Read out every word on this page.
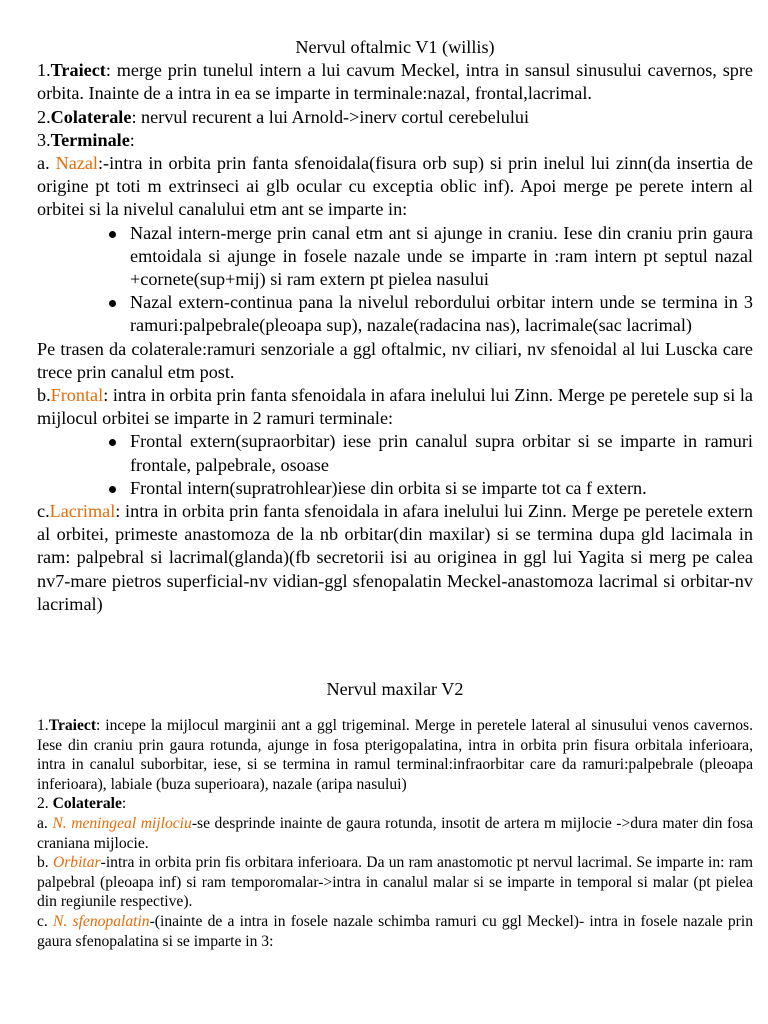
Nervul oftalmic V1 (willis)

1.Traiect: merge prin tunelul intern a lui cavum Meckel, intra in sansul sinusului cavernos, spre orbita. Inainte de a intra in ea se imparte in terminale:nazal, frontal,lacrimal.

2.Colaterale: nervul recurent a lui Arnold->inerv cortul cerebelului

3.Terminale:

a. Nazal:-intra in orbita prin fanta sfenoidala(fisura orb sup) si prin inelul lui zinn(da insertia de origine pt toti m extrinseci ai glb ocular cu exceptia oblic inf). Apoi merge pe perete intern al orbitei si la nivelul canalului etm ant se imparte in:

Nazal intern-merge prin canal etm ant si ajunge in craniu. Iese din craniu prin gaura emtoidala si ajunge in fosele nazale unde se imparte in :ram intern pt septul nazal +cornete(sup+mij) si ram extern pt pielea nasului
Nazal extern-continua pana la nivelul rebordului orbitar intern unde se termina in 3 ramuri:palpebrale(pleoapa sup), nazale(radacina nas), lacrimale(sac lacrimal)

Pe trasen da colaterale:ramuri senzoriale a ggl oftalmic, nv ciliari, nv sfenoidal al lui Luscka care trece prin canalul etm post.

b.Frontal: intra in orbita prin fanta sfenoidala in afara inelului lui Zinn. Merge pe peretele sup si la mijlocul orbitei se imparte in 2 ramuri terminale:

Frontal extern(supraorbitar) iese prin canalul supra orbitar si se imparte in ramuri frontale, palpebrale, osoase
Frontal intern(supratrohlear)iese din orbita si se imparte tot ca f extern.

c.Lacrimal: intra in orbita prin fanta sfenoidala in afara inelului lui Zinn. Merge pe peretele extern al orbitei, primeste anastomoza de la nb orbitar(din maxilar) si se termina dupa gld lacimala in ram: palpebral si lacrimal(glanda)(fb secretorii isi au originea in ggl lui Yagita si merg pe calea nv7-mare pietros superficial-nv vidian-ggl sfenopalatin Meckel-anastomoza lacrimal si orbitar-nv lacrimal)

Nervul maxilar V2

1.Traiect: incepe la mijlocul marginii ant a ggl trigeminal. Merge in peretele lateral al sinusului venos cavernos. Iese din craniu prin gaura rotunda, ajunge in fosa pterigopalatina, intra in orbita prin fisura orbitala inferioara, intra in canalul suborbitar, iese, si se termina in ramul terminal:infraorbitar care da ramuri:palpebrale (pleoapa inferioara), labiale (buza superioara), nazale (aripa nasului)

2. Colaterale:

a. N. meningeal mijlociu-se desprinde inainte de gaura rotunda, insotit de artera m mijlocie ->dura mater din fosa craniana mijlocie.

b. Orbitar-intra in orbita prin fis orbitara inferioara. Da un ram anastomotic pt nervul lacrimal. Se imparte in: ram palpebral (pleoapa inf) si ram temporomalar->intra in canalul malar si se imparte in temporal si malar (pt pielea din regiunile respective).

c. N. sfenopalatin-(inainte de a intra in fosele nazale schimba ramuri cu ggl Meckel)- intra in fosele nazale prin gaura sfenopalatina si se imparte in 3:
